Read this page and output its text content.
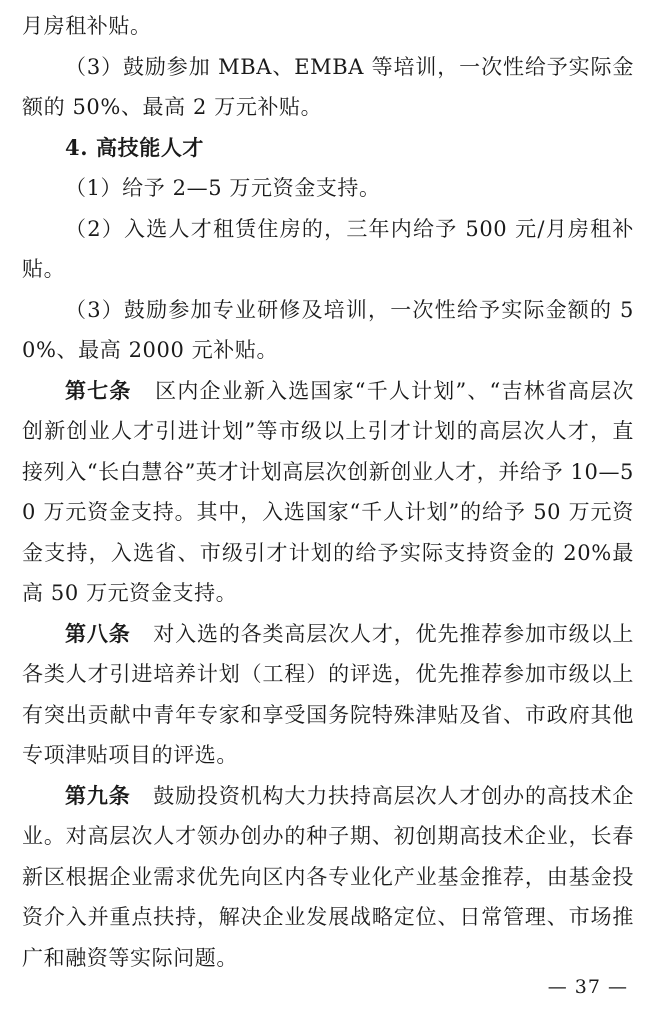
月房租补贴。

（3）鼓励参加 MBA、EMBA 等培训，一次性给予实际金额的 50%、最高 2 万元补贴。

4. 高技能人才

（1）给予 2—5 万元资金支持。

（2）入选人才租赁住房的，三年内给予 500 元/月房租补贴。

（3）鼓励参加专业研修及培训，一次性给予实际金额的 50%、最高 2000 元补贴。

第七条 区内企业新入选国家“千人计划”、“吉林省高层次创新创业人才引进计划”等市级以上引才计划的高层次人才，直接列入“长白慧谷”英才计划高层次创新创业人才，并给予 10—50 万元资金支持。其中，入选国家“千人计划”的给予 50 万元资金支持，入选省、市级引才计划的给予实际支持资金的 20%最高 50 万元资金支持。

第八条 对入选的各类高层次人才，优先推荐参加市级以上各类人才引进培养计划（工程）的评选，优先推荐参加市级以上有突出贡献中青年专家和享受国务院特殊津贴及省、市政府其他专项津贴项目的评选。

第九条 鼓励投资机构大力扶持高层次人才创办的高技术企业。对高层次人才领办创办的种子期、初创期高技术企业，长春新区根据企业需求优先向区内各专业化产业基金推荐，由基金投资介入并重点扶持，解决企业发展战略定位、日常管理、市场推广和融资等实际问题。

— 37 —
